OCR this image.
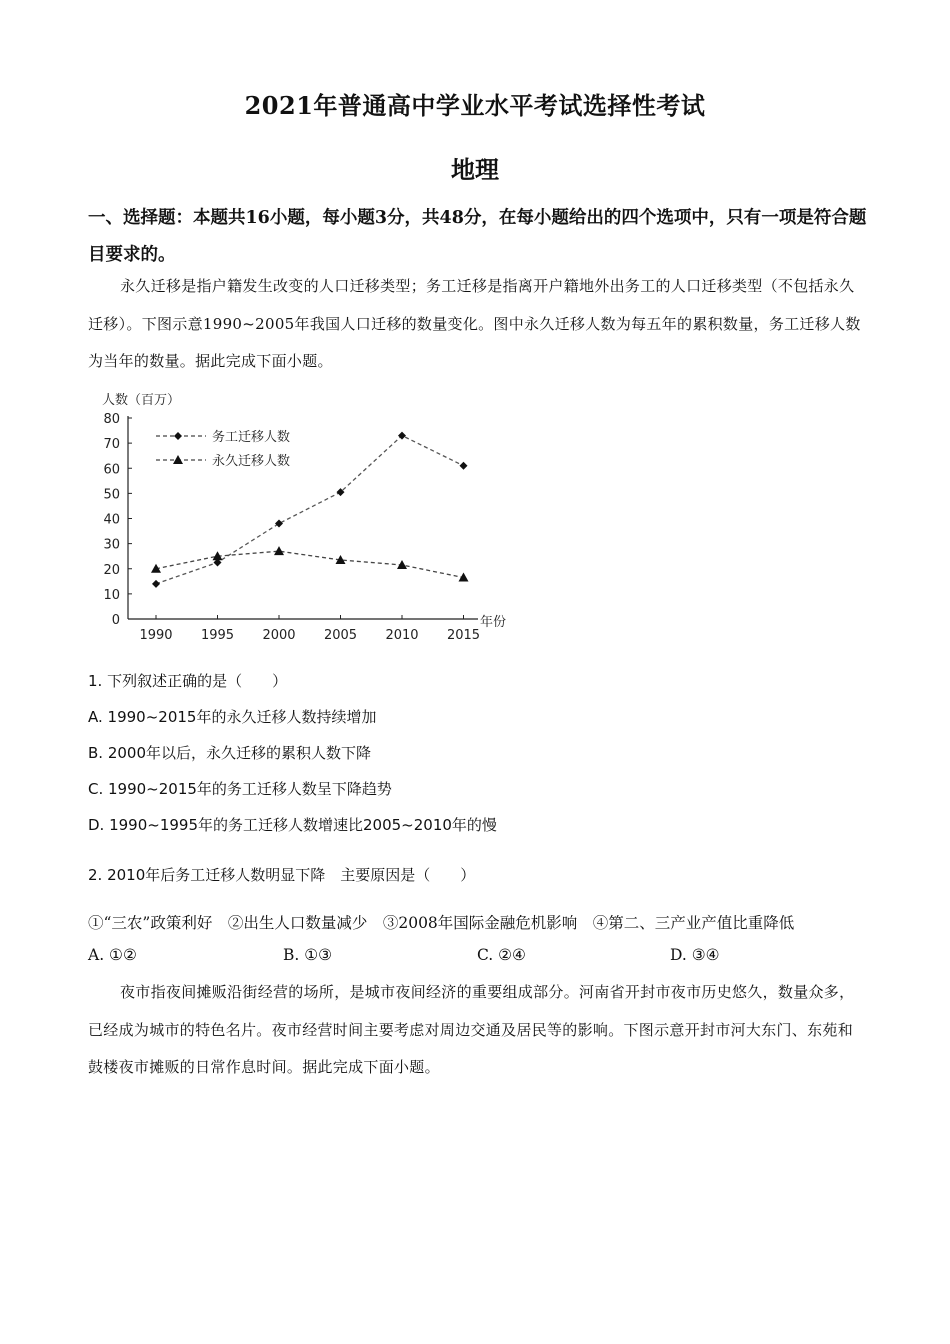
2021年普通高中学业水平考试选择性考试
地理
一、选择题：本题共16小题，每小题3分，共48分，在每小题给出的四个选项中，只有一项是符合题目要求的。
永久迁移是指户籍发生改变的人口迁移类型；务工迁移是指离开户籍地外出务工的人口迁移类型（不包括永久迁移）。下图示意1990~2005年我国人口迁移的数量变化。图中永久迁移人数为每五年的累积数量，务工迁移人数为当年的数量。据此完成下面小题。
人数（百万）
年份
0
10
20
30
40
50
60
70
80
1990 1995 2000 2005 2010 2015
务工迁移人数
永久迁移人数
1. 下列叙述正确的是（　　）
A. 1990~2015年的永久迁移人数持续增加
B. 2000年以后，永久迁移的累积人数下降
C. 1990~2015年的务工迁移人数呈下降趋势
D. 1990~1995年的务工迁移人数增速比2005~2010年的慢
2. 2010年后务工迁移人数明显下降　主要原因是（　　）
①“三农”政策利好　②出生人口数量减少　③2008年国际金融危机影响　④第二、三产业产值比重降低
A. ①②	B. ①③	C. ②④	D. ③④
夜市指夜间摊贩沿街经营的场所，是城市夜间经济的重要组成部分。河南省开封市夜市历史悠久，数量众多，已经成为城市的特色名片。夜市经营时间主要考虑对周边交通及居民等的影响。下图示意开封市河大东门、东苑和鼓楼夜市摊贩的日常作息时间。据此完成下面小题。
